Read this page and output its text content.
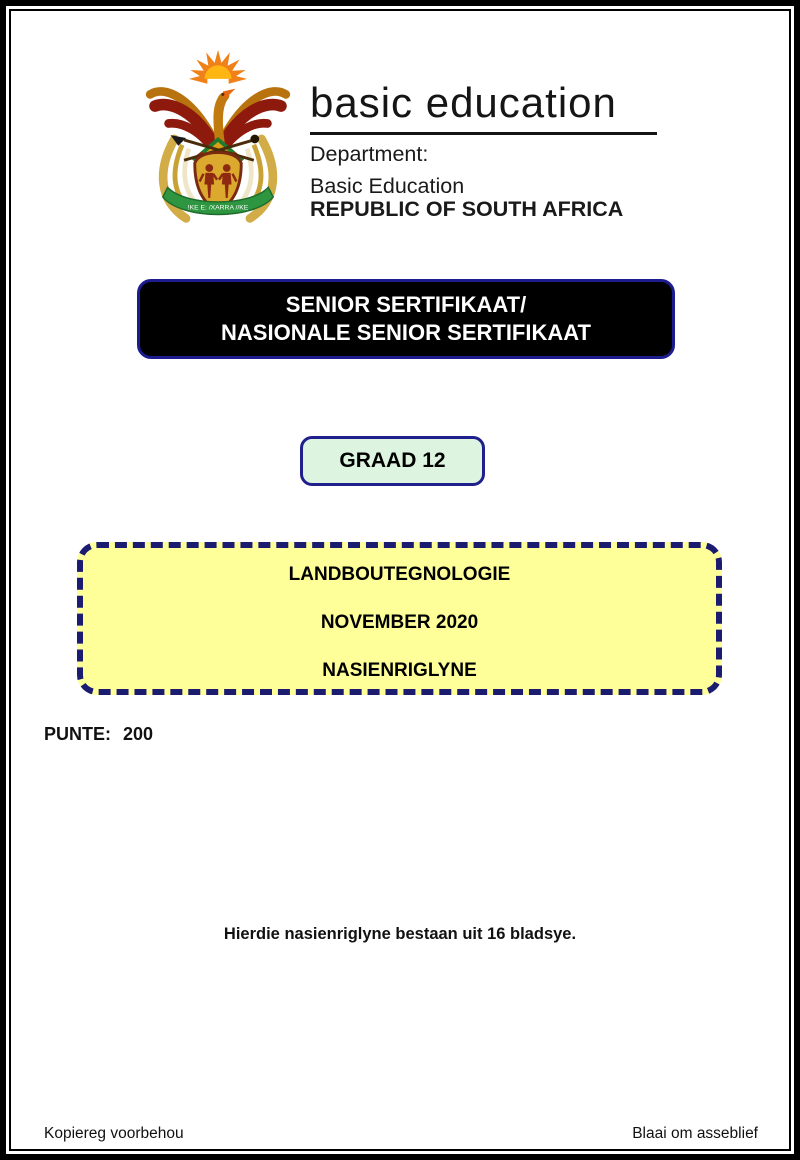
!KE E: /XARRA //KE
basic education
Department:
Basic Education
REPUBLIC OF SOUTH AFRICA
SENIOR SERTIFIKAAT/
NASIONALE SENIOR SERTIFIKAAT
GRAAD 12
LANDBOUTEGNOLOGIE
NOVEMBER 2020
NASIENRIGLYNE
PUNTE: 200
Hierdie nasienriglyne bestaan uit 16 bladsye.
Kopiereg voorbehou	Blaai om asseblief
